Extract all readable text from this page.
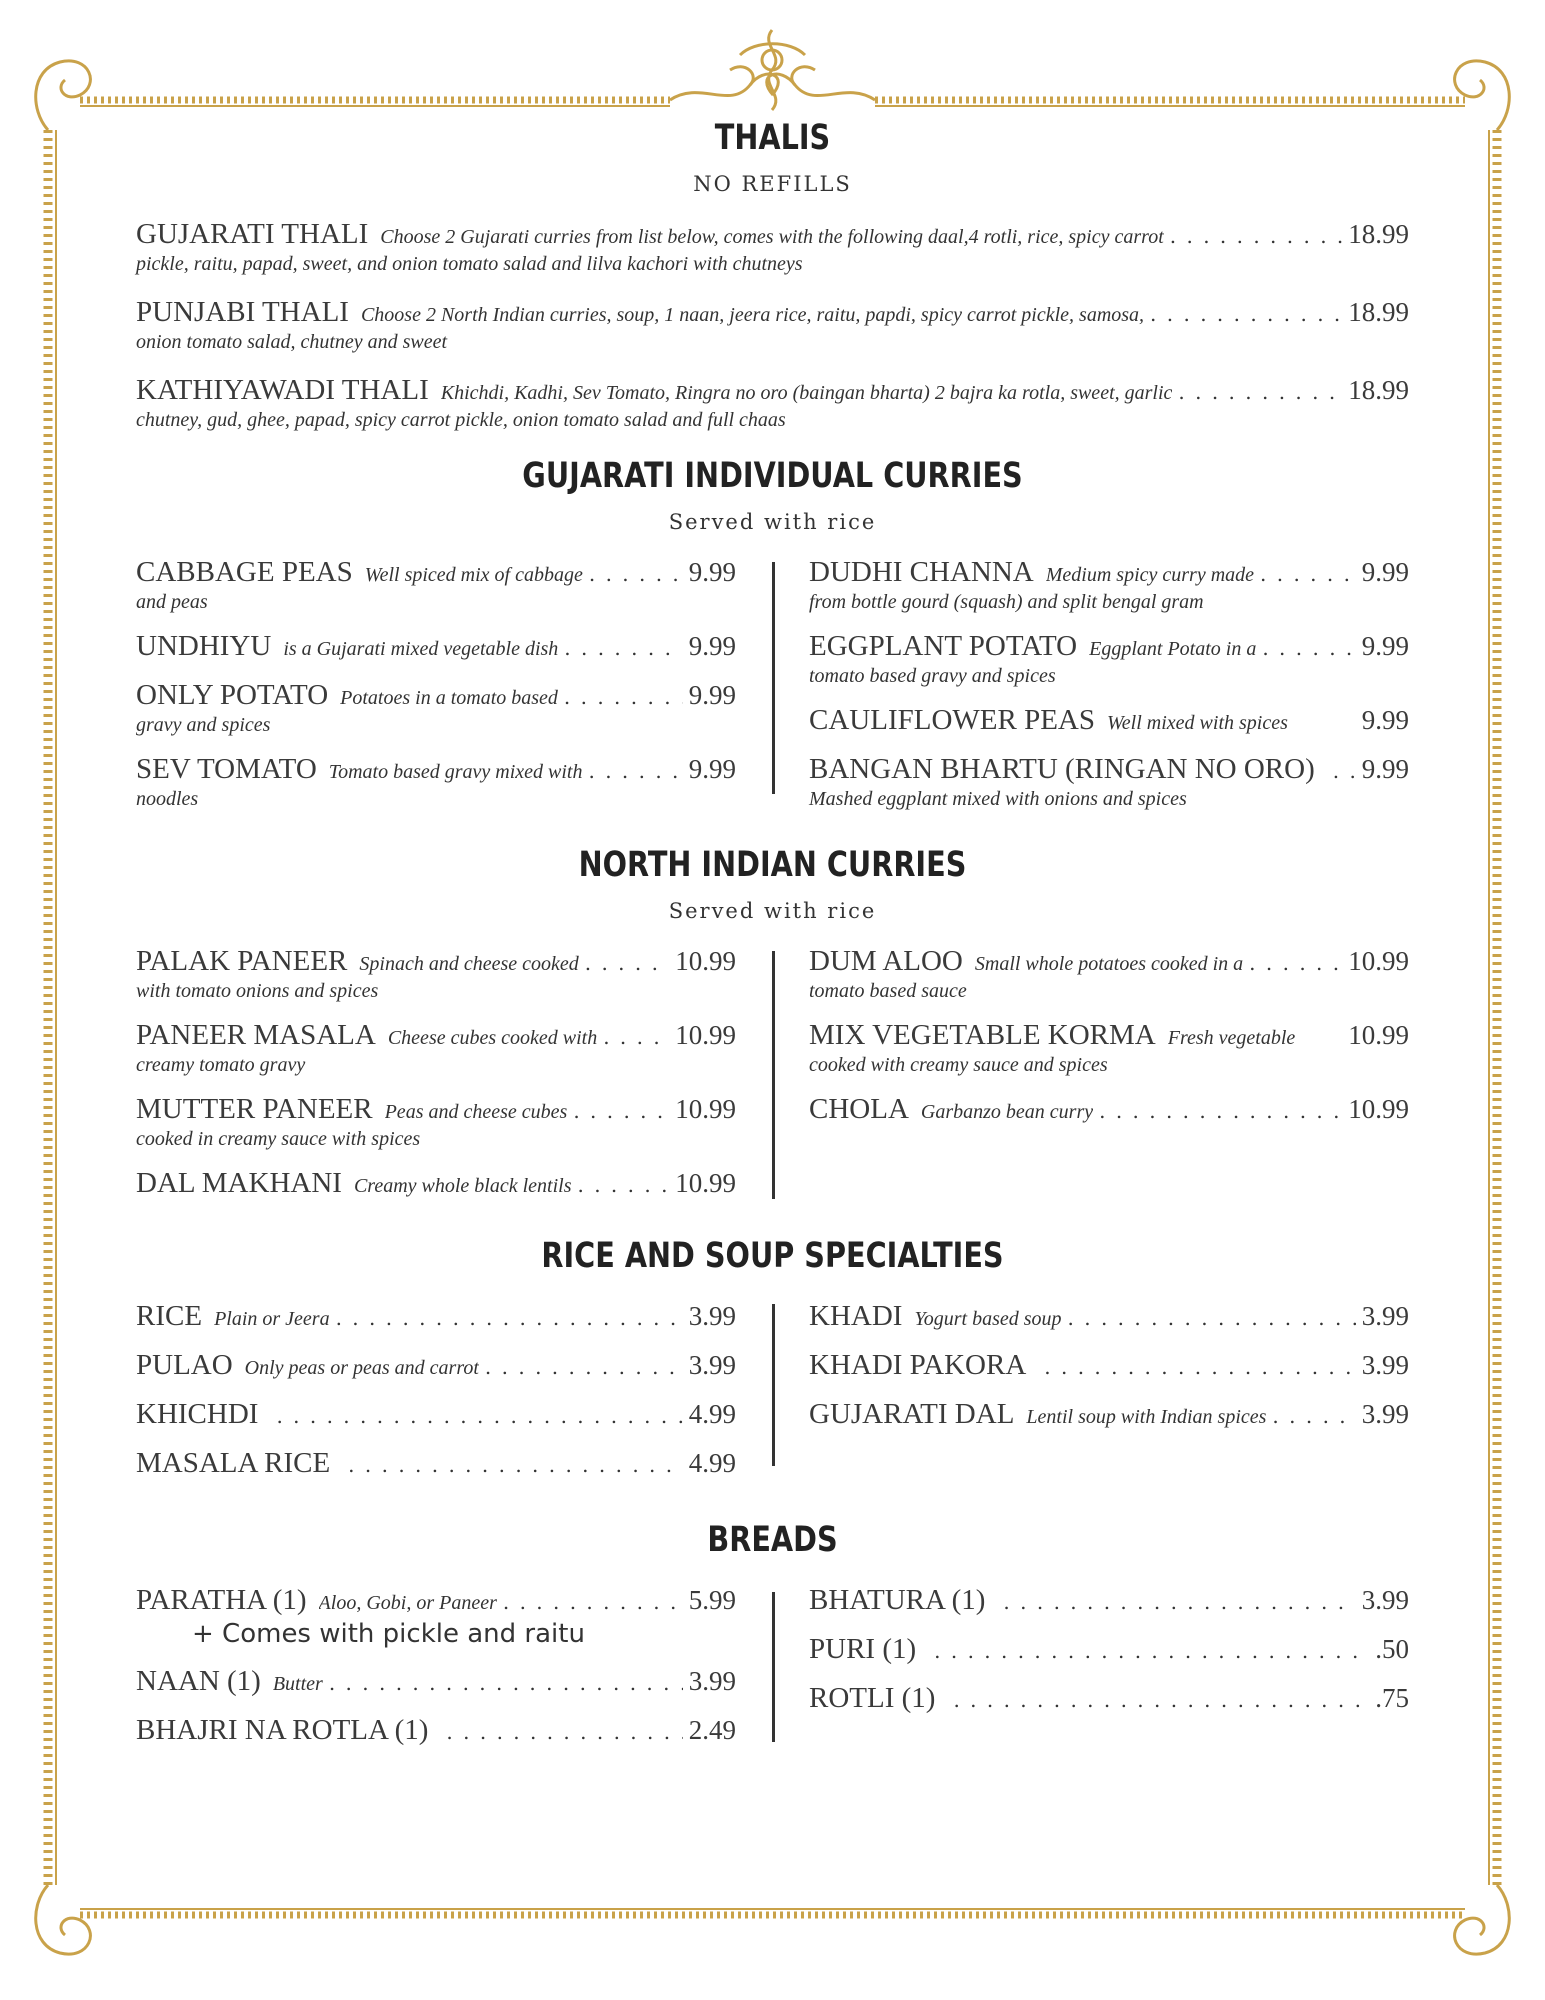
THALIS
NO REFILLS
GUJARATI THALI Choose 2 Gujarati curries from list below, comes with the following daal,4 rotli, rice, spicy carrot . . .	18.99
pickle, raitu, papad, sweet, and onion tomato salad and lilva kachori with chutneys
PUNJABI THALI Choose 2 North Indian curries, soup, 1 naan, jeera rice, raitu, papdi, spicy carrot pickle, samosa, . . .	18.99
onion tomato salad, chutney and sweet
KATHIYAWADI THALI Khichdi, Kadhi, Sev Tomato, Ringra no oro (baingan bharta) 2 bajra ka rotla, sweet, garlic . . .	18.99
chutney, gud, ghee, papad, spicy carrot pickle, onion tomato salad and full chaas
GUJARATI INDIVIDUAL CURRIES
Served with rice
CABBAGE PEAS Well spiced mix of cabbage . . .	9.99
and peas
UNDHIYU is a Gujarati mixed vegetable dish . . .	9.99
ONLY POTATO Potatoes in a tomato based . . .	9.99
gravy and spices
SEV TOMATO Tomato based gravy mixed with . . .	9.99
noodles
DUDHI CHANNA Medium spicy curry made . . .	9.99
from bottle gourd (squash) and split bengal gram
EGGPLANT POTATO Eggplant Potato in a . . .	9.99
tomato based gravy and spices
CAULIFLOWER PEAS Well mixed with spices	9.99
BANGAN BHARTU (RINGAN NO ORO) . . . 9.99
Mashed eggplant mixed with onions and spices
NORTH INDIAN CURRIES
Served with rice
PALAK PANEER Spinach and cheese cooked . . .	10.99
with tomato onions and spices
PANEER MASALA Cheese cubes cooked with . . .	10.99
creamy tomato gravy
MUTTER PANEER Peas and cheese cubes . . .	10.99
cooked in creamy sauce with spices
DAL MAKHANI Creamy whole black lentils . . .	10.99
DUM ALOO Small whole potatoes cooked in a . . .	10.99
tomato based sauce
MIX VEGETABLE KORMA Fresh vegetable 10.99
cooked with creamy sauce and spices
CHOLA Garbanzo bean curry . . .	10.99
RICE AND SOUP SPECIALTIES
RICE Plain or Jeera . . .	3.99
PULAO Only peas or peas and carrot . . .	3.99
KHICHDI . . .	4.99
MASALA RICE . . .	4.99
KHADI Yogurt based soup . . .	3.99
KHADI PAKORA . . .	3.99
GUJARATI DAL Lentil soup with Indian spices . . .	3.99
BREADS
PARATHA (1) Aloo, Gobi, or Paneer . . .	5.99
+ Comes with pickle and raitu
NAAN (1) Butter . . .	3.99
BHAJRI NA ROTLA (1) . . .	2.49
BHATURA (1) . . .	3.99
PURI (1) . . .	.50
ROTLI (1) . . .	.75
